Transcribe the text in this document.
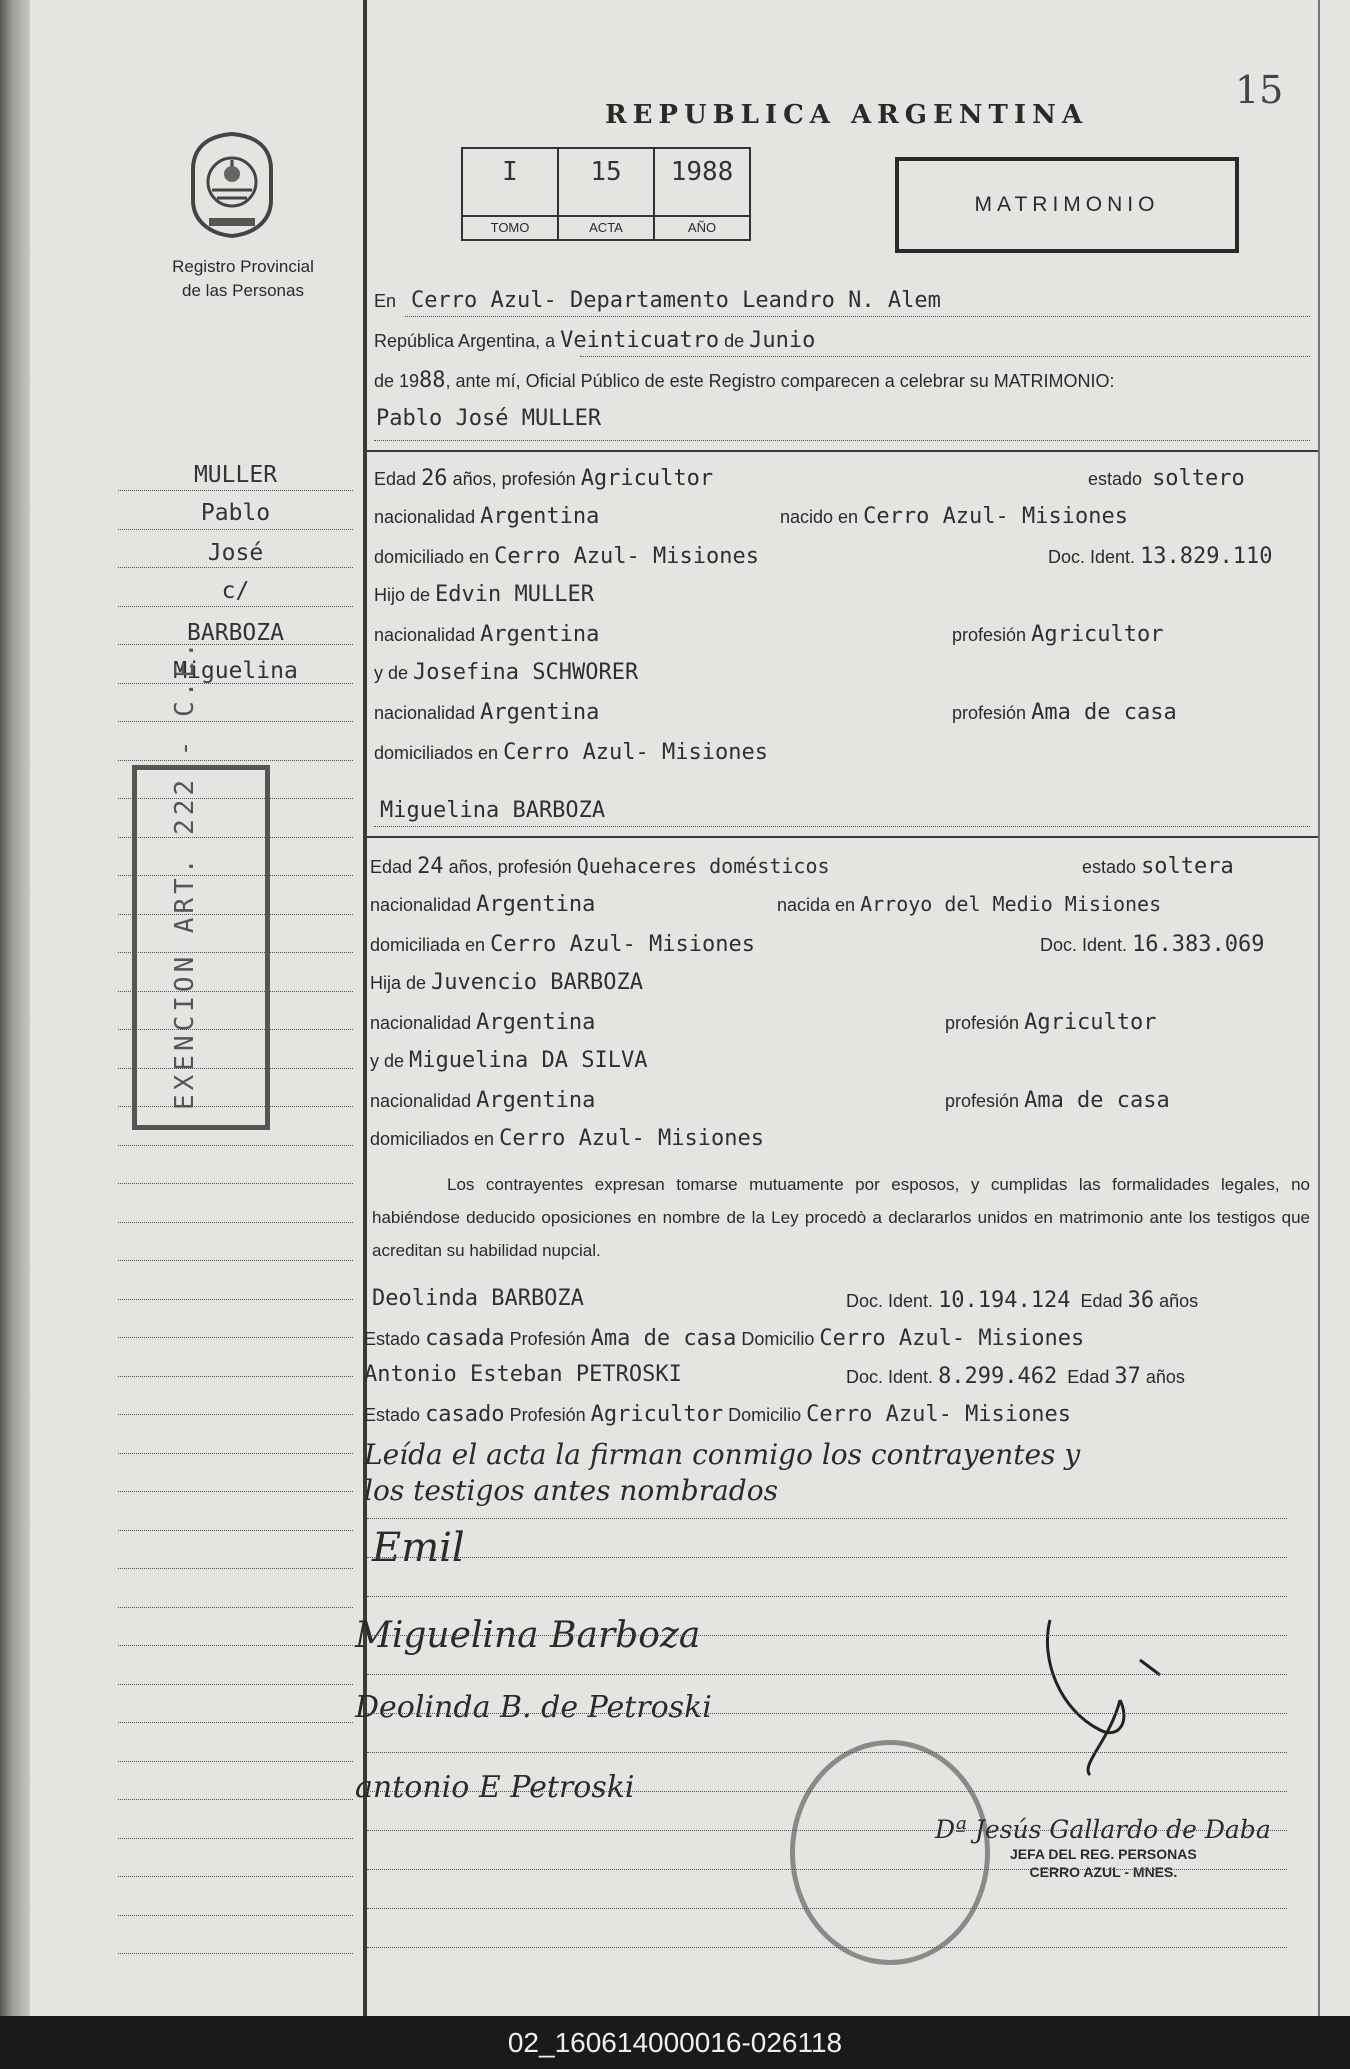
15
REPUBLICA ARGENTINA
Registro Provincial
de las Personas
I
TOMO
15
ACTA
1988
AÑO
MATRIMONIO
En Cerro Azul- Departamento Leandro N. Alem
República Argentina, a Veinticuatro de Junio
de 1988, ante mí, Oficial Público de este Registro comparecen a celebrar su MATRIMONIO:
Pablo José MULLER
Edad 26 años, profesión Agricultor	estado soltero
nacionalidad Argentina	nacido en Cerro Azul- Misiones
domiciliado en Cerro Azul- Misiones	Doc. Ident. 13.829.110
Hijo de Edvin MULLER
nacionalidad Argentina	profesión Agricultor
y de Josefina SCHWORER
nacionalidad Argentina	profesión Ama de casa
domiciliados en Cerro Azul- Misiones
Miguelina BARBOZA
Edad 24 años, profesión Quehaceres domésticos	estado soltera
nacionalidad Argentina	nacida en Arroyo del Medio Misiones
domiciliada en Cerro Azul- Misiones	Doc. Ident. 16.383.069
Hija de Juvencio BARBOZA
nacionalidad Argentina	profesión Agricultor
y de Miguelina DA SILVA
nacionalidad Argentina	profesión Ama de casa
domiciliados en Cerro Azul- Misiones
Los contrayentes expresan tomarse mutuamente por esposos, y cumplidas las formalidades legales, no habiéndose deducido oposiciones en nombre de la Ley procedò a declararlos unidos en matrimonio ante los testigos que acreditan su habilidad nupcial.
Deolinda BARBOZA	Doc. Ident. 10.194.124 Edad 36 años
Estado casada Profesión Ama de casa Domicilio Cerro Azul- Misiones
Antonio Esteban PETROSKI	Doc. Ident. 8.299.462 Edad 37 años
Estado casado Profesión Agricultor Domicilio Cerro Azul- Misiones
Leída el acta la firman conmigo los contrayentes y
los testigos antes nombrados
Emil
Miguelina Barboza
Deolinda B. de Petroski
antonio E Petroski
Dª Jesús Gallardo de Daba
JEFA DEL REG. PERSONAS
CERRO AZUL - MNES.
MULLER
Pablo
José
c/
BARBOZA
Miguelina
EXENCION ART. 222 - C.E.
02_160614000016-026118
